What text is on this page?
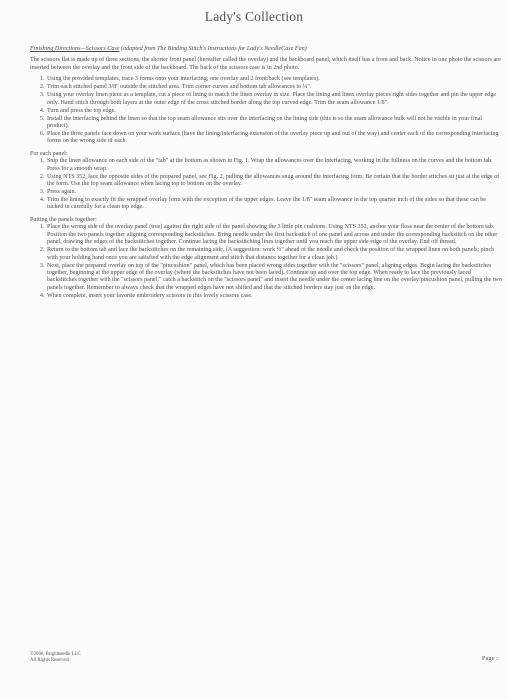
Lady's Collection

Finishing Directions—Scissors Case (adapted from The Binding Stitch's Instructions for Lady's NeedleCase Fan)

The scissors flat is made up of three sections, the shorter front panel (hereafter called the overlay) and the backboard panel, which itself has a front and back. Notice in one photo the scissors are inserted between the overlay and the front side of the backboard. The back of the scissors case is in 2nd photo.

1. Using the provided templates, trace 3 forms onto your interfacing; one overlay and 2 front/back (see templates).
2. Trim each stitched panel 3/8" outside the stitched area. Trim corner curves and bottom tab allowances to ¼".
3. Using your overlay linen piece as a template, cut a piece of lining to match the linen overlay in size. Place the lining and linen overlay pieces right sides together and pin the upper edge only. Hand stitch through both layers at the outer edge of the cross stitched border along the top curved edge. Trim the seam allowance 1/8".
4. Turn and press the top edge.
5. Install the interfacing behind the linen so that the top seam allowance sits over the interfacing on the lining side (this is so the seam allowance bulk will not be visible in your final product).
6. Place the three panels face down on your work surface (have the lining/interfacing extension of the overlay piece up and out of the way) and center each of the corresponding interfacing forms on the wrong side of each.

For each panel:

1. Snip the linen allowance on each side of the "tab" at the bottom as shown in Fig. 1. Wrap the allowances over the interfacing, working in the fullness on the curves and the bottom tab. Press for a smooth wrap.
2. Using NTS 352, lace the opposite sides of the prepared panel, see Fig. 2, pulling the allowances snug around the interfacing form. Be certain that the border stitches sit just at the edge of the form. Use the top seam allowance when lacing top to bottom on the overlay.
3. Press again.
4. Trim the lining to exactly fit the wrapped overlay form with the exception of the upper edges. Leave the 1/8" seam allowance in the top quarter inch of the sides so that these can be tucked in carefully for a clean top edge.

Putting the panels together:

1. Place the wrong side of the overlay panel (tree) against the right side of the panel showing the 3 little pin cushions. Using NTS 352, anchor your floss near the center of the bottom tab. Position the two panels together aligning corresponding backstitches. Bring needle under the first backstitch of one panel and across and under the corresponding backstitch on the other panel, drawing the edges of the backstitches together. Continue lacing the backstitching lines together until you reach the upper side edge of the overlay. End off thread.
2. Return to the bottom tab and lace the backstitches on the remaining side. (A suggestion: work ½" ahead of the needle and check the position of the wrapped linen on both panels; pinch with your holding hand once you are satisfied with the edge alignment and stitch that distance together for a clean job.)
3. Next, place the prepared overlay on top of the "pincushion" panel, which has been placed wrong sides together with the "scissors" panel, aligning edges. Begin lacing the backstitches together, beginning at the upper edge of the overlay (where the backstitches have not been laced). Continue up and over the top edge. When ready to lace the previously laced backstitches together with the "scissors panel," catch a backstitch on the "scissors panel" and insert the needle under the center lacing line on the overlay/pincushion panel, pulling the two panels together. Remember to always check that the wrapped edges have not shifted and that the stitched borders stay just on the edge.
4. When complete, insert your favorite embroidery scissors in this lovely scissors case.
©2006, Brightneedle LLC
All Rights Reserved	Page :
